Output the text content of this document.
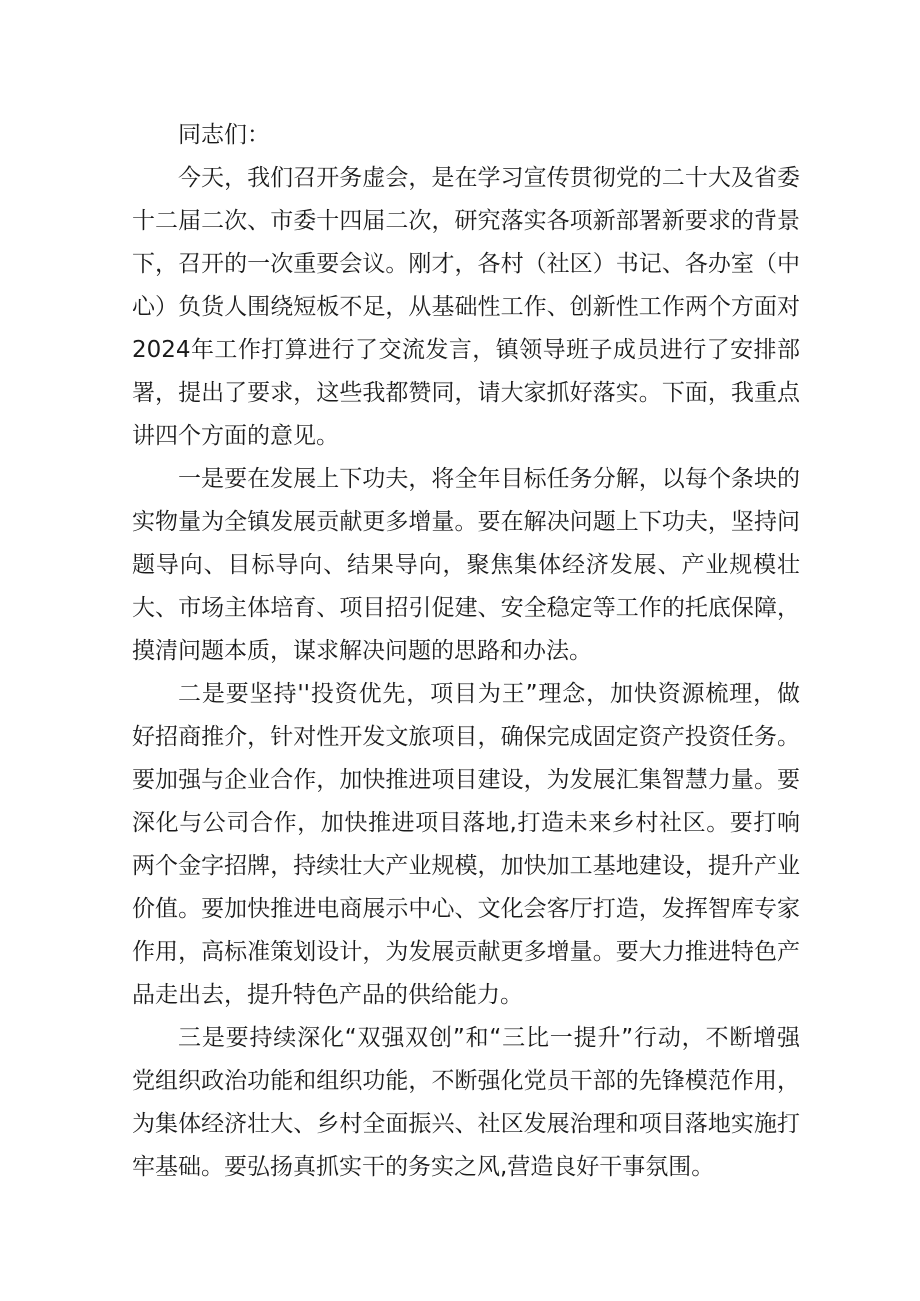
同志们：

今天，我们召开务虚会，是在学习宣传贯彻党的二十大及省委十二届二次、市委十四届二次，研究落实各项新部署新要求的背景下，召开的一次重要会议。刚才，各村（社区）书记、各办室（中心）负货人围绕短板不足，从基础性工作、创新性工作两个方面对2024年工作打算进行了交流发言，镇领导班子成员进行了安排部署，提出了要求，这些我都赞同，请大家抓好落实。下面，我重点讲四个方面的意见。

一是要在发展上下功夫，将全年目标任务分解，以每个条块的实物量为全镇发展贡献更多增量。要在解决问题上下功夫，坚持问题导向、目标导向、结果导向，聚焦集体经济发展、产业规模壮大、市场主体培育、项目招引促建、安全稳定等工作的托底保障，摸清问题本质，谋求解决问题的思路和办法。

二是要坚持''投资优先，项目为王”理念，加快资源梳理，做好招商推介，针对性开发文旅项目，确保完成固定资产投资任务。要加强与企业合作，加快推进项目建设，为发展汇集智慧力量。要深化与公司合作，加快推进项目落地,打造未来乡村社区。要打响两个金字招牌，持续壮大产业规模，加快加工基地建设，提升产业价值。要加快推进电商展示中心、文化会客厅打造，发挥智库专家作用，高标准策划设计，为发展贡献更多增量。要大力推进特色产品走出去，提升特色产品的供给能力。

三是要持续深化“双强双创”和“三比一提升”行动，不断增强党组织政治功能和组织功能，不断强化党员干部的先锋模范作用，为集体经济壮大、乡村全面振兴、社区发展治理和项目落地实施打牢基础。要弘扬真抓实干的务实之风,营造良好干事氛围。
